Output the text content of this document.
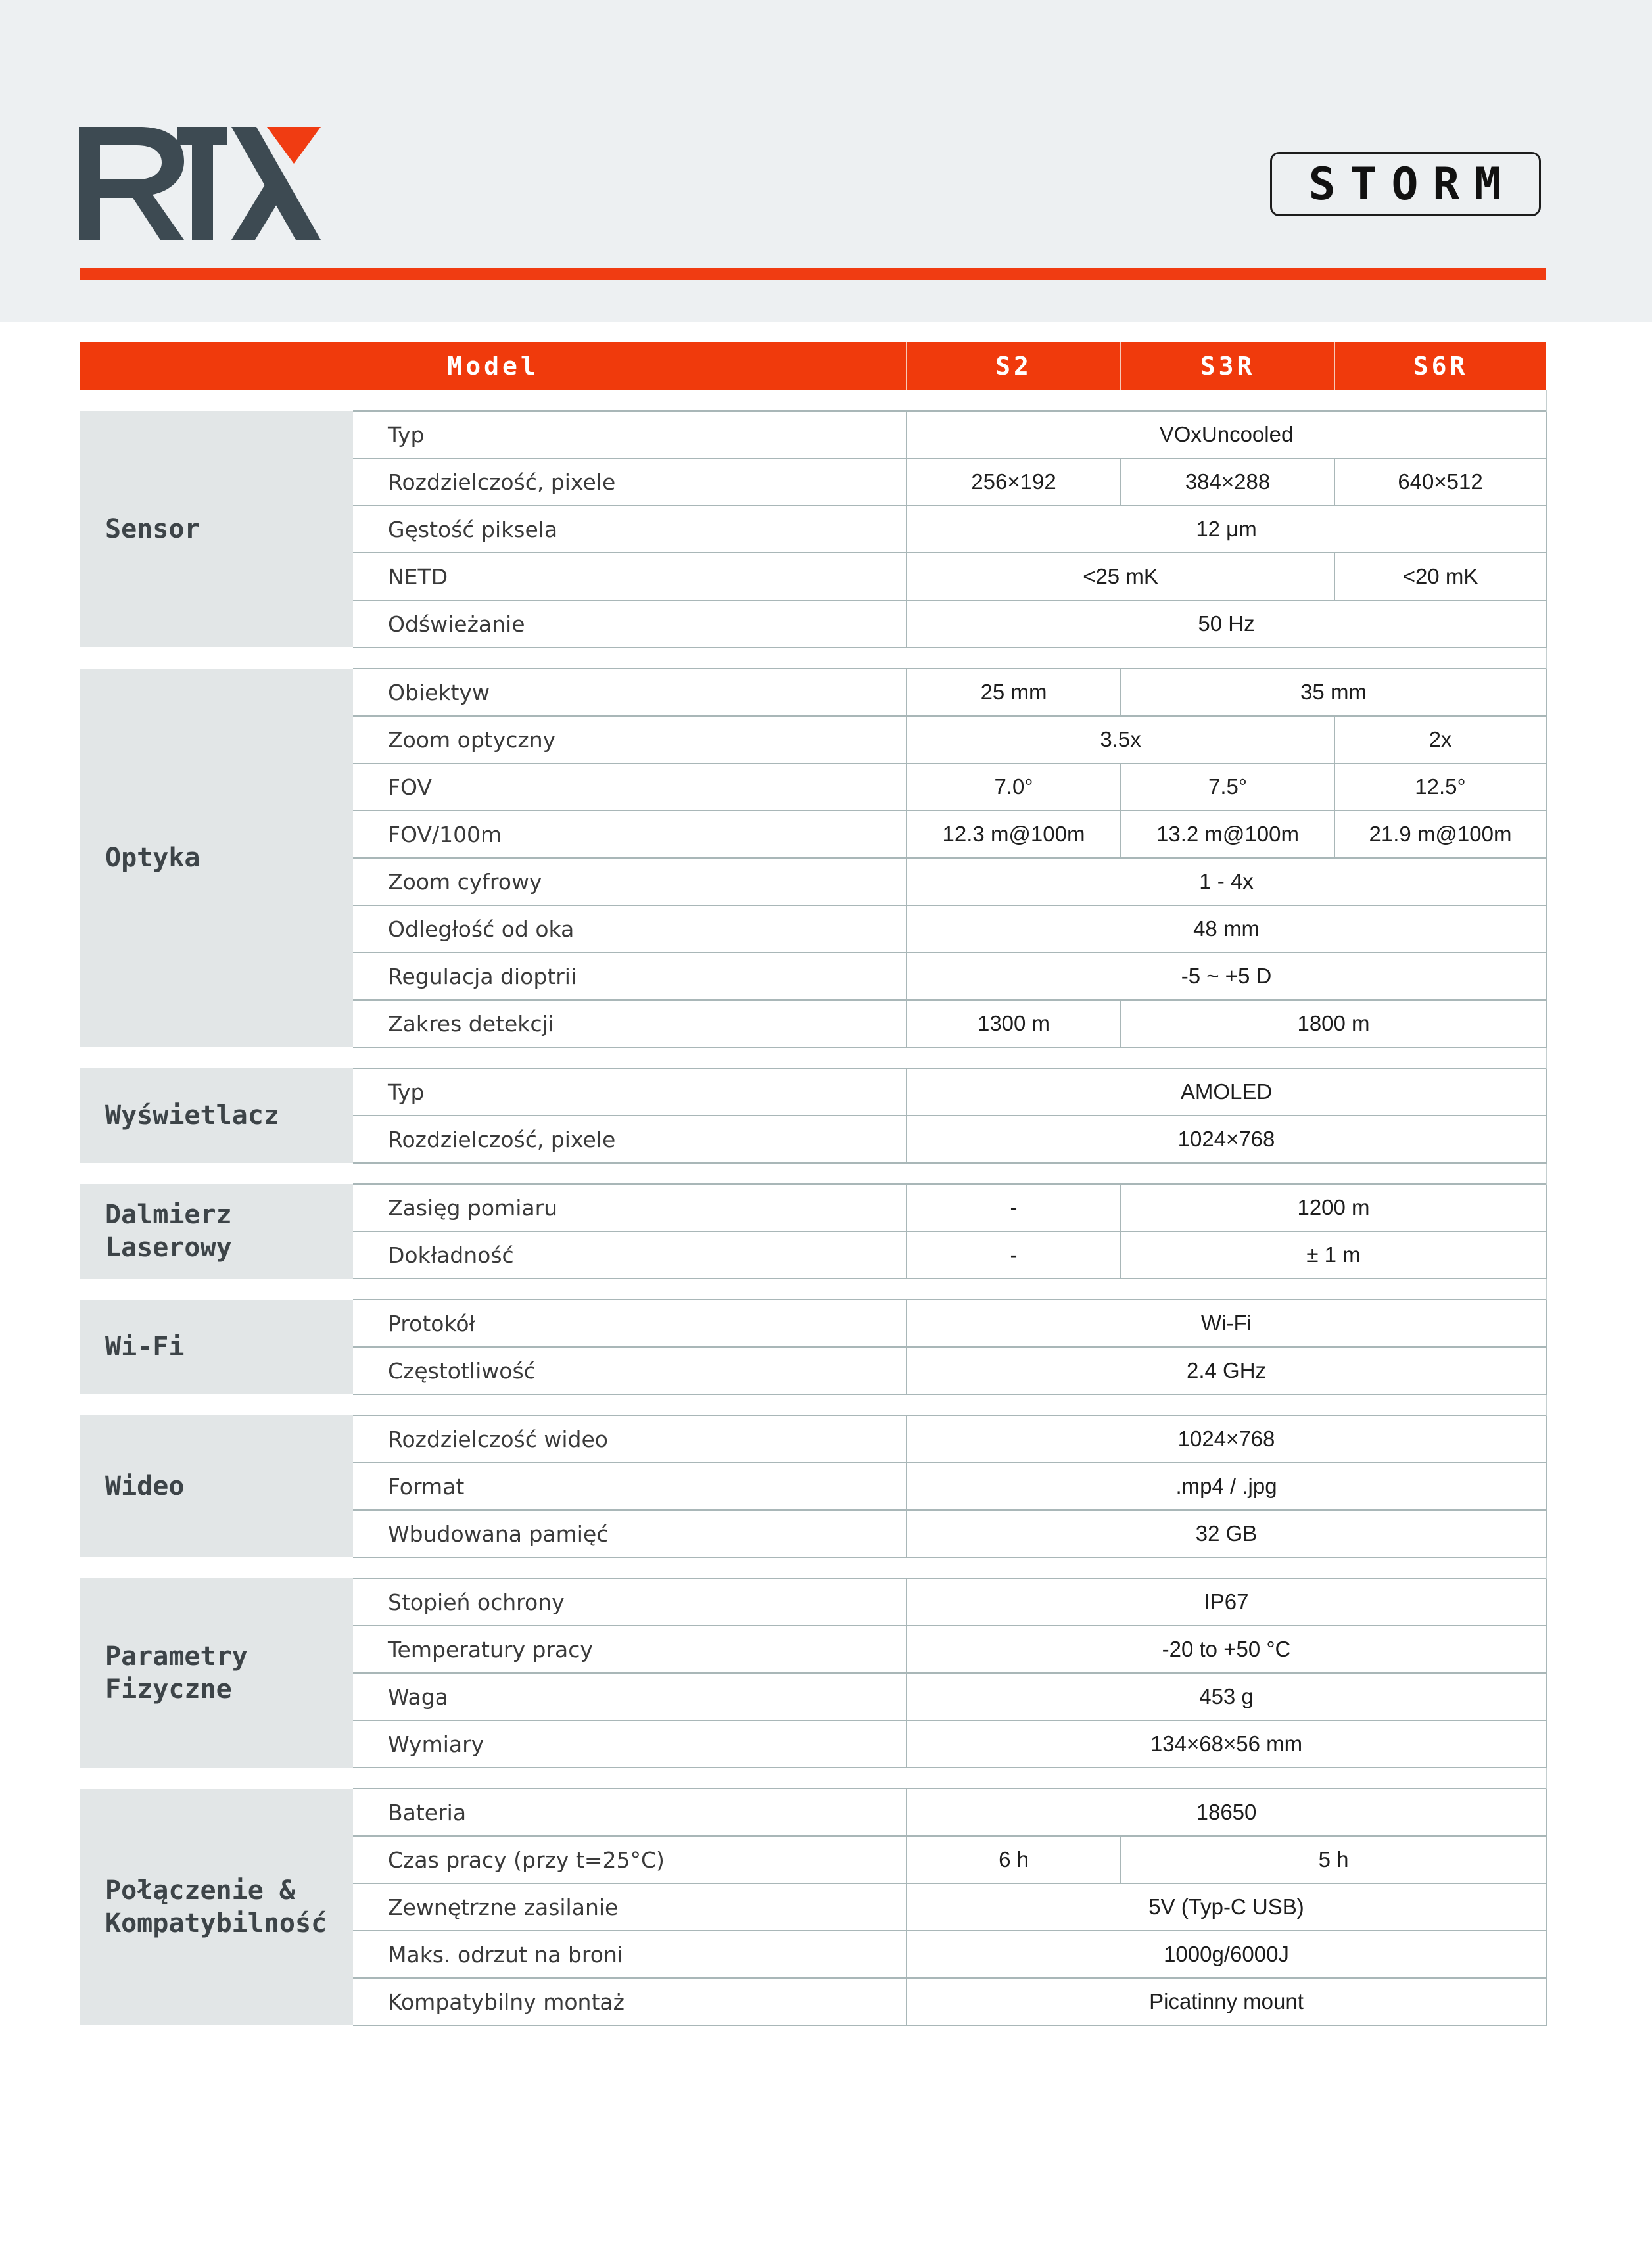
STORM
Model		S2	S3R	S6R

Sensor	Typ	VOxUncooled		
	Rozdzielczość, pixele	256×192	384×288	640×512
	Gęstość piksela	12 μm		
	NETD	<25 mK		<20 mK
	Odświeżanie	50 Hz		

Optyka	Obiektyw	25 mm	35 mm	
	Zoom optyczny	3.5x		2x
	FOV	7.0°	7.5°	12.5°
	FOV/100m	12.3 m@100m	13.2 m@100m	21.9 m@100m
	Zoom cyfrowy	1 - 4x		
	Odległość od oka	48 mm		
	Regulacja dioptrii	-5 ~ +5 D		
	Zakres detekcji	1300 m	1800 m	

Wyświetlacz	Typ	AMOLED		
	Rozdzielczość, pixele	1024×768		

Dalmierz
Laserowy	Zasięg pomiaru	-	1200 m	
	Dokładność	-	± 1 m	

Wi-Fi	Protokół	Wi-Fi		
	Częstotliwość	2.4 GHz		

Wideo	Rozdzielczość wideo	1024×768		
	Format	.mp4 / .jpg		
	Wbudowana pamięć	32 GB		

Parametry
Fizyczne	Stopień ochrony	IP67		
	Temperatury pracy	-20 to +50 °C		
	Waga	453 g		
	Wymiary	134×68×56 mm		

Połączenie &
Kompatybilność	Bateria	18650		
	Czas pracy (przy t=25°C)	6 h	5 h	
	Zewnętrzne zasilanie	5V (Typ-C USB)		
	Maks. odrzut na broni	1000g/6000J		
	Kompatybilny montaż	Picatinny mount		
